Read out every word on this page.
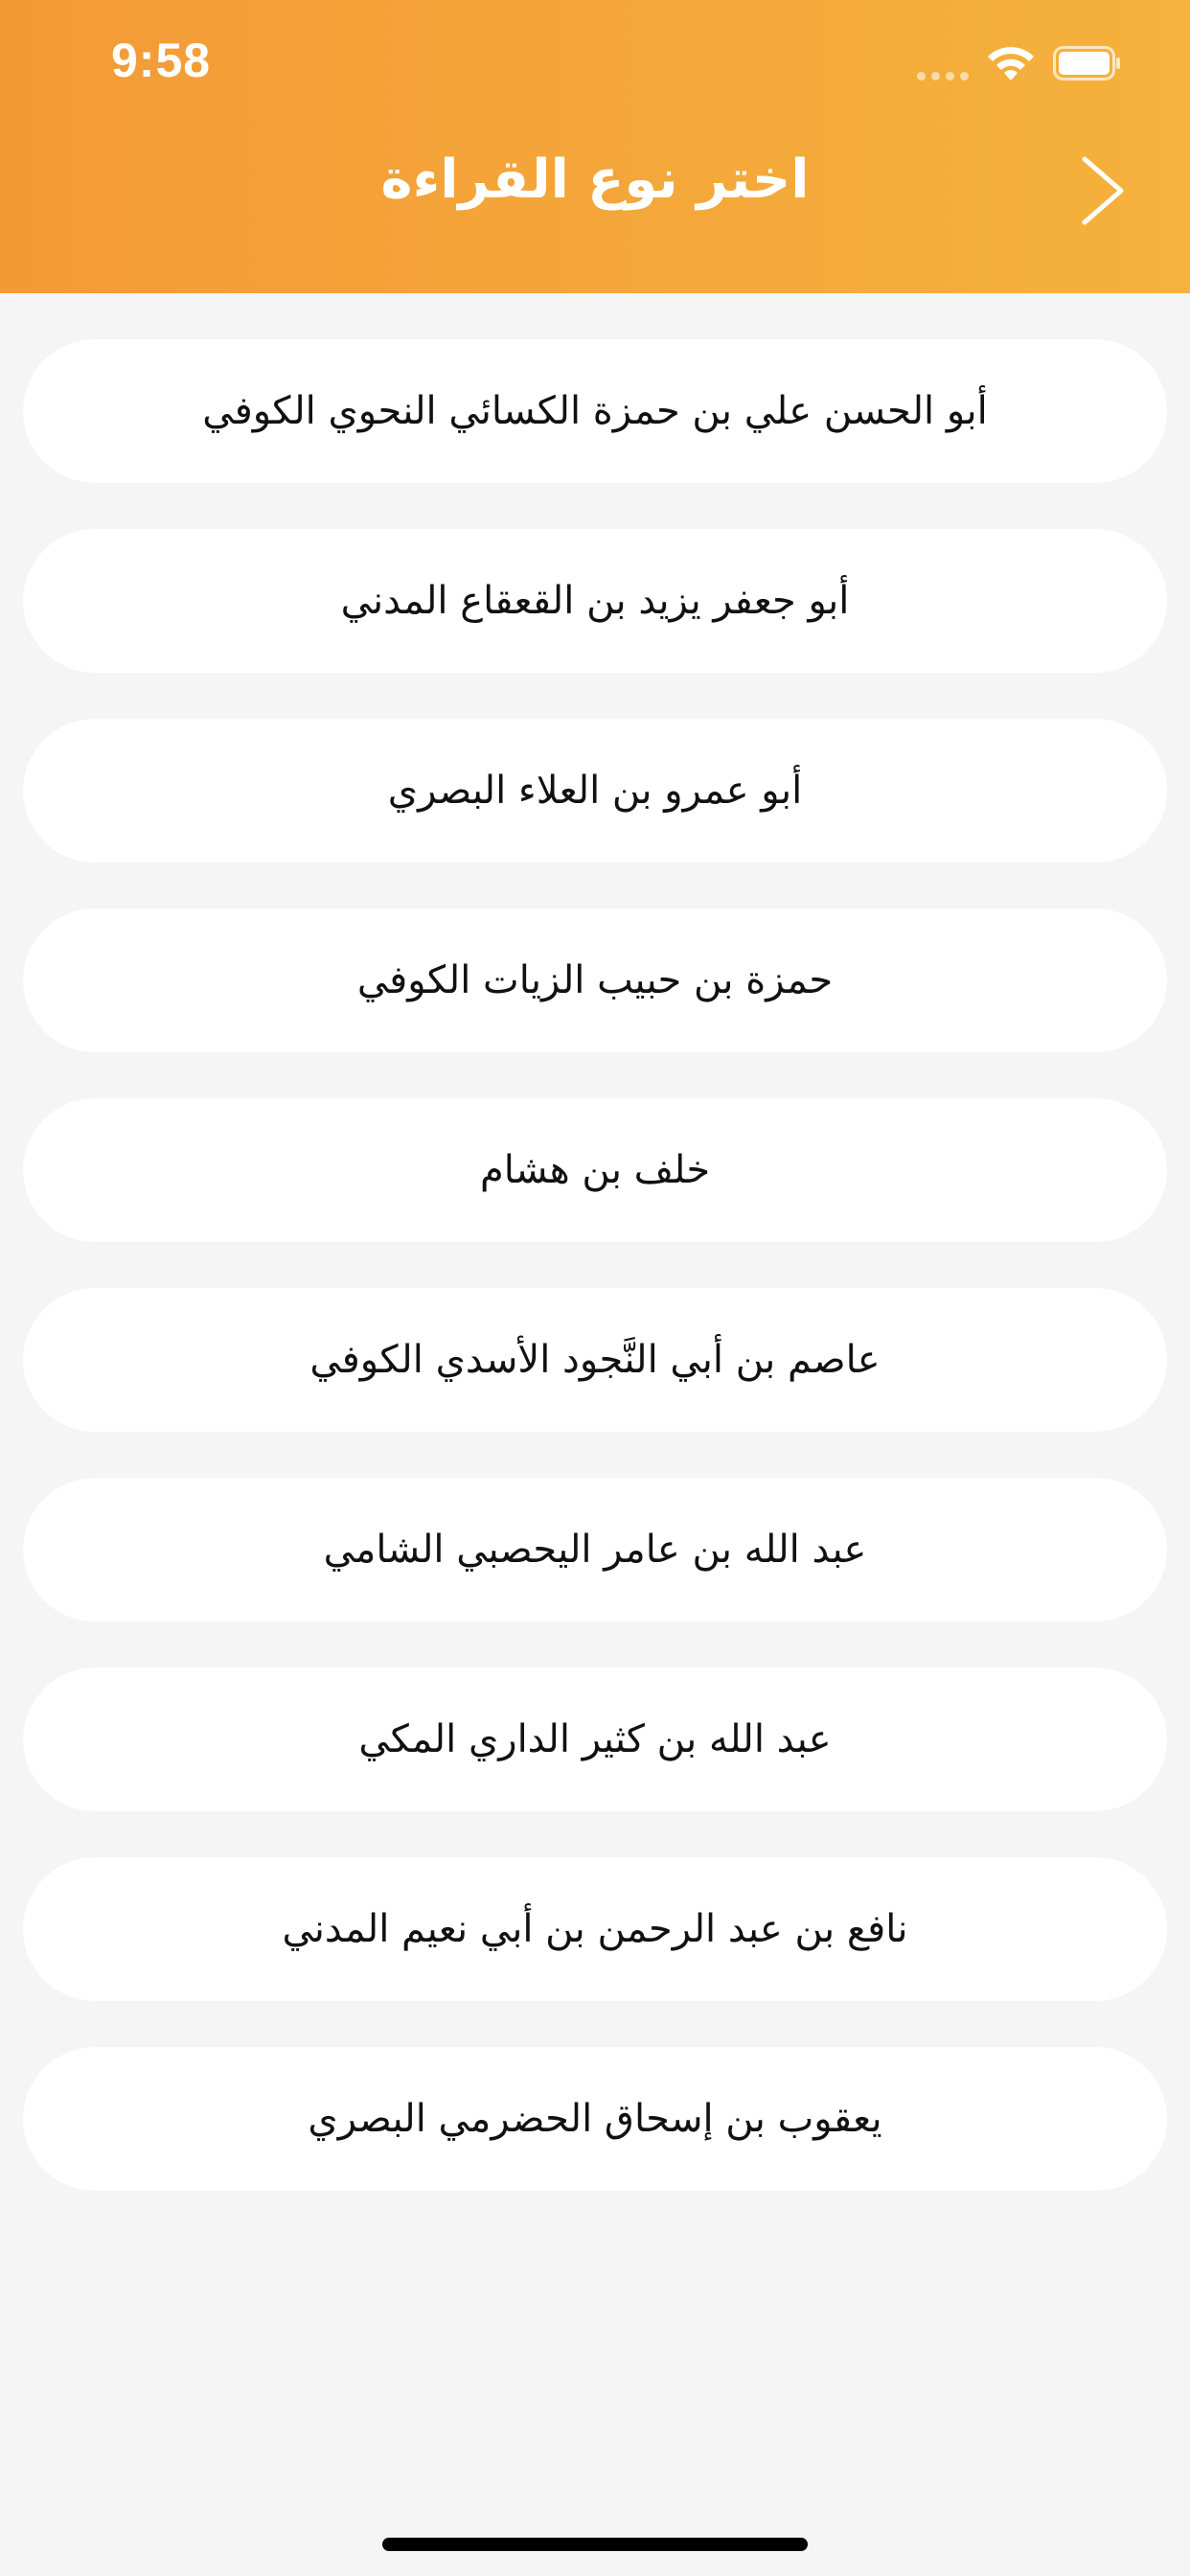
9:58
اختر نوع القراءة
أبو الحسن علي بن حمزة الكسائي النحوي الكوفي
أبو جعفر يزيد بن القعقاع المدني
أبو عمرو بن العلاء البصري
حمزة بن حبيب الزيات الكوفي
خلف بن هشام
عاصم بن أبي النَّجود الأسدي الكوفي
عبد الله بن عامر اليحصبي الشامي
عبد الله بن كثير الداري المكي
نافع بن عبد الرحمن بن أبي نعيم المدني
يعقوب بن إسحاق الحضرمي البصري
